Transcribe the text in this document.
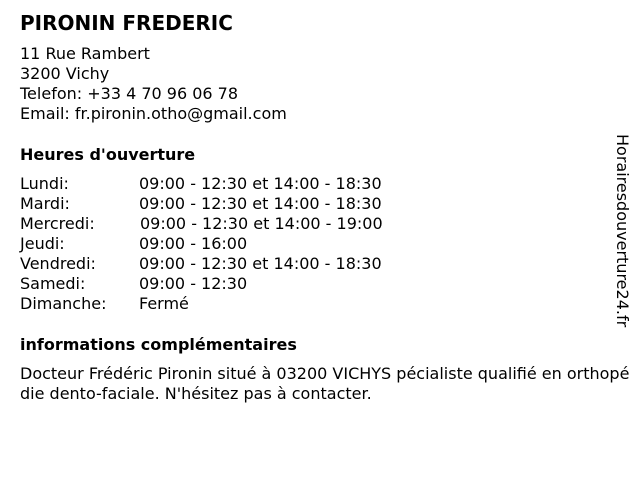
PIRONIN FREDERIC
11 Rue Rambert
3200 Vichy
Telefon: +33 4 70 96 06 78
Email: fr.pironin.otho@gmail.com
Heures d'ouverture
Lundi:	09:00 - 12:30 et 14:00 - 18:30
Mardi:	09:00 - 12:30 et 14:00 - 18:30
Mercredi:	09:00 - 12:30 et 14:00 - 19:00
Jeudi:	09:00 - 16:00
Vendredi:	09:00 - 12:30 et 14:00 - 18:30
Samedi:	09:00 - 12:30
Dimanche: Fermé
informations complémentaires
Docteur Frédéric Pironin situé à 03200 VICHYS pécialiste qualifié en orthopédie dento-faciale. N'hésitez pas à contacter.
Horairesdouverture24.fr
